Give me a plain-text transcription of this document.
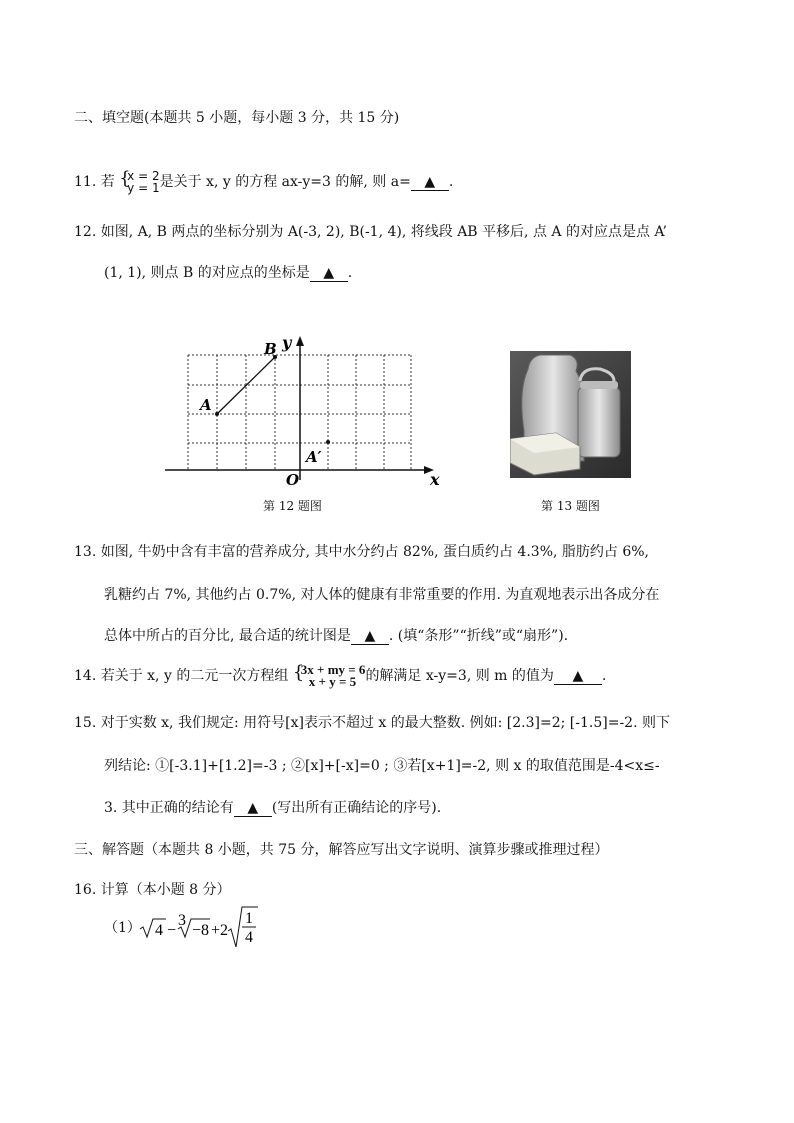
二、填空题(本题共 5 小题，每小题 3 分，共 15 分)
11. 若 { x = 2
y = 1 是关于 x, y 的方程 ax-y=3 的解, 则 a= ▲ .
12. 如图, A, B 两点的坐标分别为 A(-3, 2), B(-1, 4), 将线段 AB 平移后, 点 A 的对应点是点 A’
(1, 1), 则点 B 的对应点的坐标是 ▲ .
A
B
A′
O	x
y
第 12 题图	第 13 题图
13. 如图, 牛奶中含有丰富的营养成分, 其中水分约占 82%, 蛋白质约占 4.3%, 脂肪约占 6%,
乳糖约占 7%, 其他约占 0.7%, 对人体的健康有非常重要的作用. 为直观地表示出各成分在
总体中所占的百分比, 最合适的统计图是 ▲ . (填“条形”“折线”或“扇形”).
14. 若关于 x, y 的二元一次方程组 { 3x + my = 6
x + y = 5 的解满足 x-y=3, 则 m 的值为 ▲ .
15. 对于实数 x, 我们规定: 用符号[x]表示不超过 x 的最大整数. 例如: [2.3]=2; [-1.5]=-2. 则下
列结论: ①[-3.1]+[1.2]=-3 ; ②[x]+[-x]=0 ; ③若[x+1]=-2, 则 x 的取值范围是-4<x≤-
3. 其中正确的结论有 ▲ (写出所有正确结论的序号).
三、解答题（本题共 8 小题，共 75 分，解答应写出文字说明、演算步骤或推理过程）
16. 计算（本小题 8 分）
（1） 4 −
3
−8 +2
1
4
